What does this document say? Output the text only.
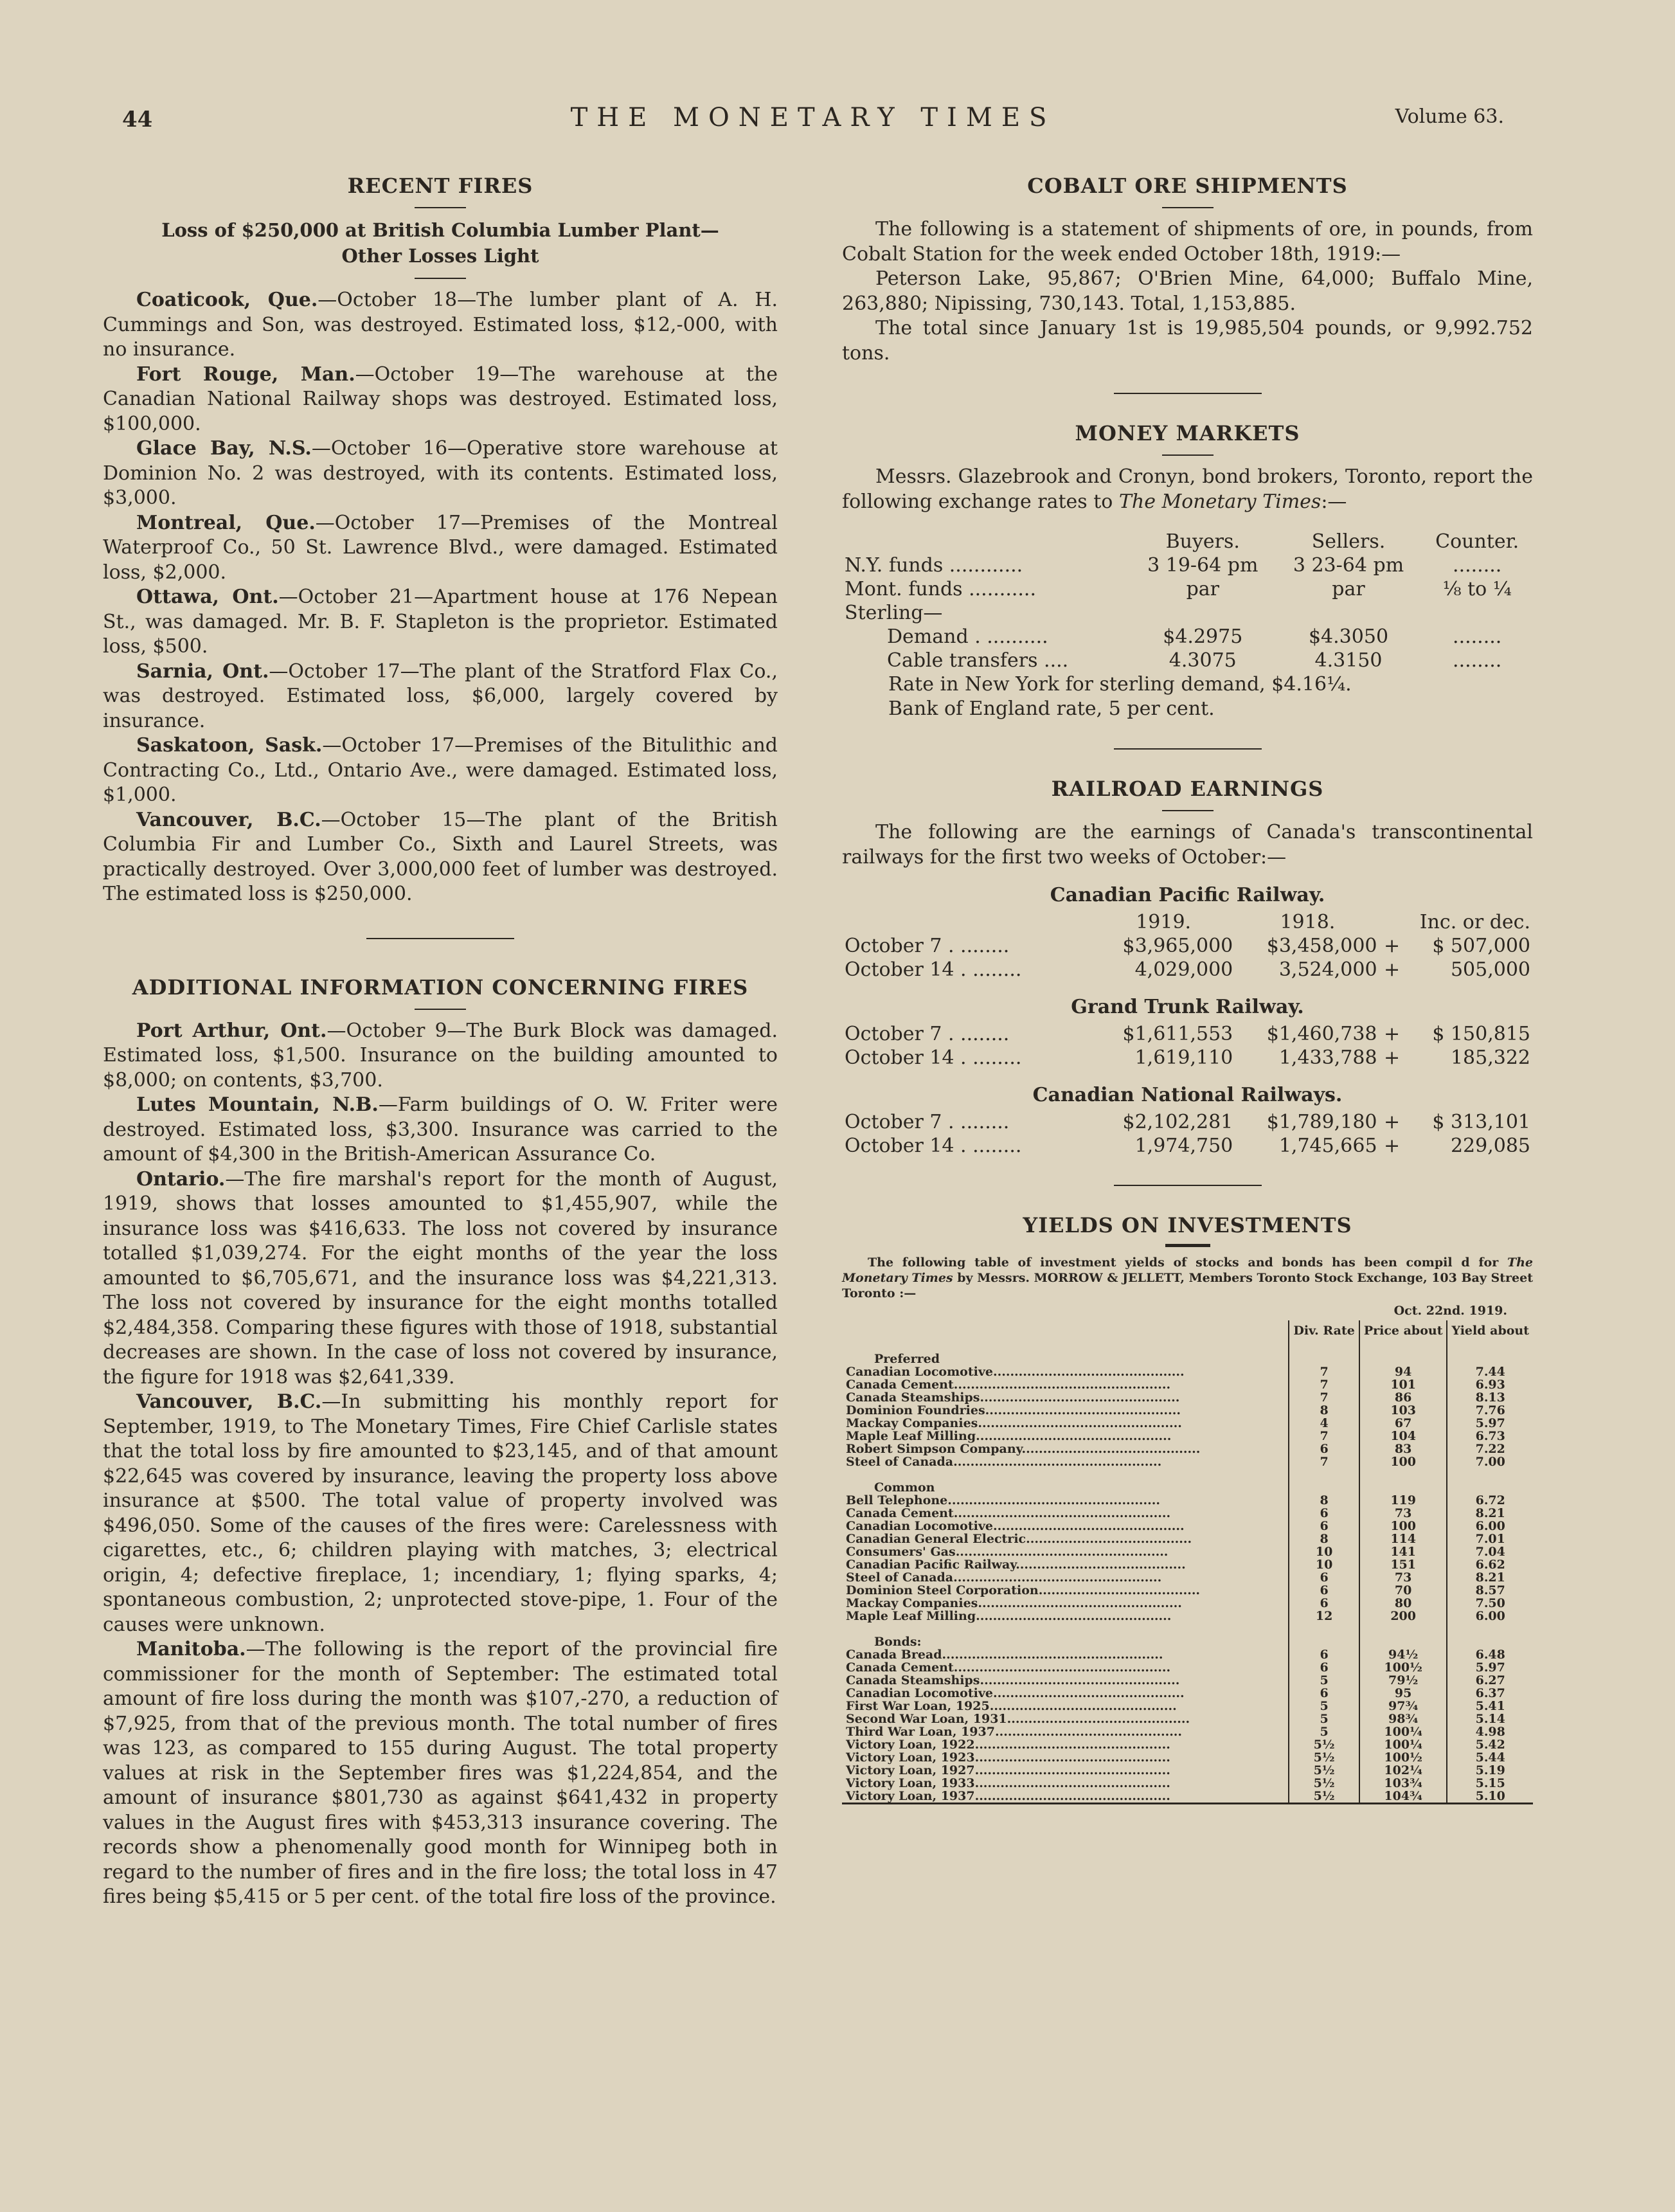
44	THE MONETARY TIMES	Volume 63.
RECENT FIRES
Loss of $250,000 at British Columbia Lumber Plant—
Other Losses Light

Coaticook, Que.—October 18—The lumber plant of A. H. Cummings and Son, was destroyed. Estimated loss, $12,-000, with no insurance.

Fort Rouge, Man.—October 19—The warehouse at the Canadian National Railway shops was destroyed. Estimated loss, $100,000.

Glace Bay, N.S.—October 16—Operative store warehouse at Dominion No. 2 was destroyed, with its contents. Estimated loss, $3,000.

Montreal, Que.—October 17—Premises of the Montreal Waterproof Co., 50 St. Lawrence Blvd., were damaged. Estimated loss, $2,000.

Ottawa, Ont.—October 21—Apartment house at 176 Nepean St., was damaged. Mr. B. F. Stapleton is the proprietor. Estimated loss, $500.

Sarnia, Ont.—October 17—The plant of the Stratford Flax Co., was destroyed. Estimated loss, $6,000, largely covered by insurance.

Saskatoon, Sask.—October 17—Premises of the Bitulithic and Contracting Co., Ltd., Ontario Ave., were damaged. Estimated loss, $1,000.

Vancouver, B.C.—October 15—The plant of the British Columbia Fir and Lumber Co., Sixth and Laurel Streets, was practically destroyed. Over 3,000,000 feet of lumber was destroyed. The estimated loss is $250,000.

ADDITIONAL INFORMATION CONCERNING FIRES

Port Arthur, Ont.—October 9—The Burk Block was damaged. Estimated loss, $1,500. Insurance on the building amounted to $8,000; on contents, $3,700.

Lutes Mountain, N.B.—Farm buildings of O. W. Friter were destroyed. Estimated loss, $3,300. Insurance was carried to the amount of $4,300 in the British-American Assurance Co.

Ontario.—The fire marshal's report for the month of August, 1919, shows that losses amounted to $1,455,907, while the insurance loss was $416,633. The loss not covered by insurance totalled $1,039,274. For the eight months of the year the loss amounted to $6,705,671, and the insurance loss was $4,221,313. The loss not covered by insurance for the eight months totalled $2,484,358. Comparing these figures with those of 1918, substantial decreases are shown. In the case of loss not covered by insurance, the figure for 1918 was $2,641,339.

Vancouver, B.C.—In submitting his monthly report for September, 1919, to The Monetary Times, Fire Chief Carlisle states that the total loss by fire amounted to $23,145, and of that amount $22,645 was covered by insurance, leaving the property loss above insurance at $500. The total value of property involved was $496,050. Some of the causes of the fires were: Carelessness with cigarettes, etc., 6; children playing with matches, 3; electrical origin, 4; defective fireplace, 1; incendiary, 1; flying sparks, 4; spontaneous combustion, 2; unprotected stove-pipe, 1. Four of the causes were unknown.

Manitoba.—The following is the report of the provincial fire commissioner for the month of September: The estimated total amount of fire loss during the month was $107,-270, a reduction of $7,925, from that of the previous month. The total number of fires was 123, as compared to 155 during August. The total property values at risk in the September fires was $1,224,854, and the amount of insurance $801,730 as against $641,432 in property values in the August fires with $453,313 insurance covering. The records show a phenomenally good month for Winnipeg both in regard to the number of fires and in the fire loss; the total loss in 47 fires being $5,415 or 5 per cent. of the total fire loss of the province.

COBALT ORE SHIPMENTS

The following is a statement of shipments of ore, in pounds, from Cobalt Station for the week ended October 18th, 1919:—

Peterson Lake, 95,867; O'Brien Mine, 64,000; Buffalo Mine, 263,880; Nipissing, 730,143. Total, 1,153,885.

The total since January 1st is 19,985,504 pounds, or 9,992.752 tons.

MONEY MARKETS

Messrs. Glazebrook and Cronyn, bond brokers, Toronto, report the following exchange rates to The Monetary Times:—

	Buyers.	Sellers.	Counter.
N.Y. funds ............	3 19-64 pm	3 23-64 pm	........
Mont. funds ...........	par	par	⅛ to ¼
Sterling—			
Demand . ..........	$4.2975	$4.3050	........
Cable transfers ....	4.3075	4.3150	........
Rate in New York for sterling demand, $4.16¼.
Bank of England rate, 5 per cent.
RAILROAD EARNINGS

The following are the earnings of Canada's transcontinental railways for the first two weeks of October:—

Canadian Pacific Railway.
	1919.	1918.	Inc. or dec.	
October 7 . ........	$3,965,000	$3,458,000	+	$ 507,000
October 14 . ........	4,029,000	3,524,000	+	505,000
Grand Trunk Railway.
October 7 . ........	$1,611,553	$1,460,738	+	$ 150,815
October 14 . ........	1,619,110	1,433,788	+	185,322
Canadian National Railways.
October 7 . ........	$2,102,281	$1,789,180	+	$ 313,101
October 14 . ........	1,974,750	1,745,665	+	229,085
YIELDS ON INVESTMENTS
The following table of investment yields of stocks and bonds has been compil d for The Monetary Times by Messrs. MORROW & JELLETT, Members Toronto Stock Exchange, 103 Bay Street Toronto :—
Oct. 22nd. 1919.
	Div. Rate	Price about	Yield about
Preferred			
Canadian Locomotive.............................................	7	94	7.44
Canada Cement...................................................	7	101	6.93
Canada Steamships...............................................	7	86	8.13
Dominion Foundries..............................................	8	103	7.76
Mackay Companies................................................	4	67	5.97
Maple Leaf Milling..............................................	7	104	6.73
Robert Simpson Company..........................................	6	83	7.22
Steel of Canada.................................................	7	100	7.00
Common			
Bell Telephone..................................................	8	119	6.72
Canada Cement...................................................	6	73	8.21
Canadian Locomotive.............................................	6	100	6.00
Canadian General Electric.......................................	8	114	7.01
Consumers' Gas..................................................	10	141	7.04
Canadian Pacific Railway........................................	10	151	6.62
Steel of Canada.................................................	6	73	8.21
Dominion Steel Corporation......................................	6	70	8.57
Mackay Companies................................................	6	80	7.50
Maple Leaf Milling..............................................	12	200	6.00
Bonds:			
Canada Bread....................................................	6	94½	6.48
Canada Cement...................................................	6	100½	5.97
Canada Steamships...............................................	5	79½	6.27
Canadian Locomotive.............................................	6	95	6.37
First War Loan, 1925............................................	5	97¾	5.41
Second War Loan, 1931...........................................	5	98¾	5.14
Third War Loan, 1937............................................	5	100¼	4.98
Victory Loan, 1922..............................................	5½	100¼	5.42
Victory Loan, 1923..............................................	5½	100½	5.44
Victory Loan, 1927..............................................	5½	102¼	5.19
Victory Loan, 1933..............................................	5½	103¾	5.15
Victory Loan, 1937..............................................	5½	104¾	5.10
